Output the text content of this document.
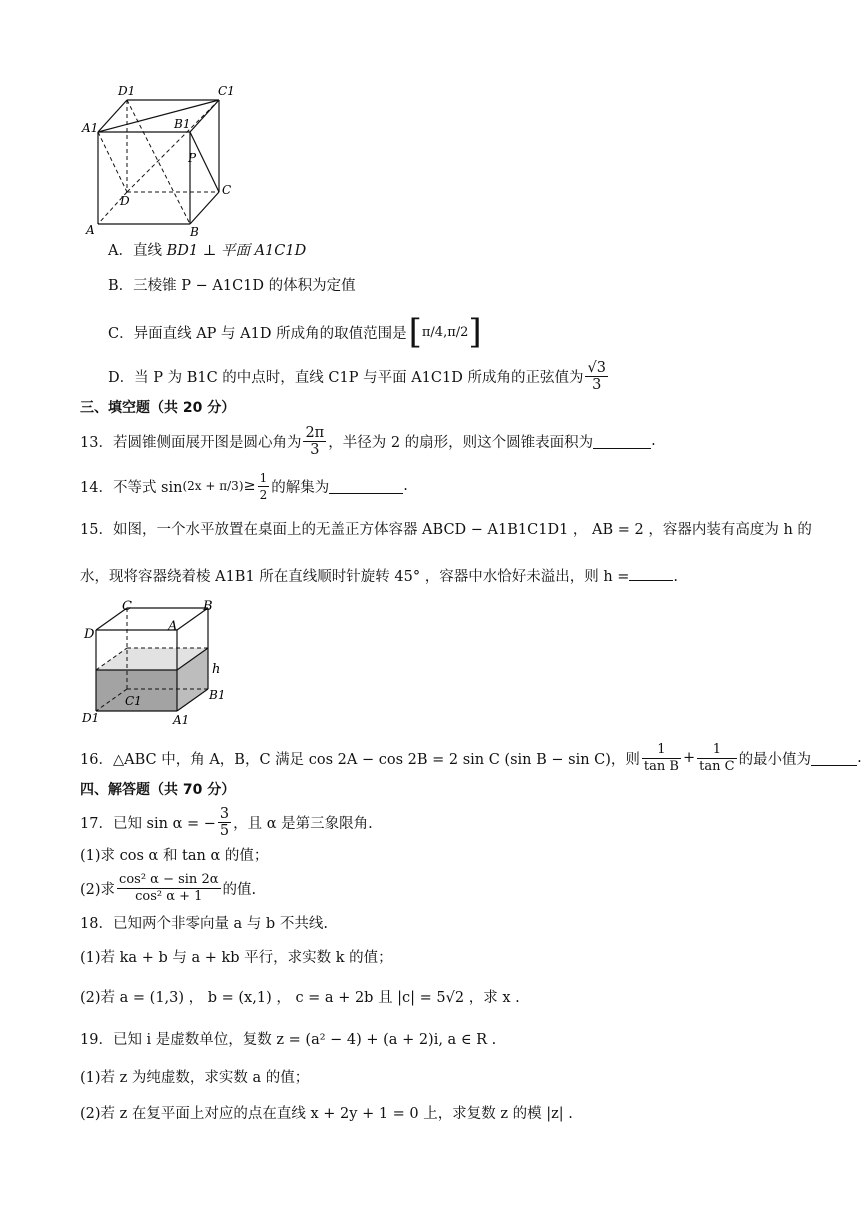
D1	C1
A1	B1
P
D
C
A	B
A．直线 BD1 ⊥ 平面 A1C1D
B．三棱锥 P − A1C1D 的体积为定值
C．异面直线 AP 与 A1D 所成角的取值范围是 [ π/4,π/2 ]
D．当 P 为 B1C 的中点时，直线 C1P 与平面 A1C1D 所成角的正弦值为 $\frac{√3}{3}$
三、填空题（共 20 分）
13．若圆锥侧面展开图是圆心角为 $\frac{2\pi}{3}$ ，半径为 2 的扇形，则这个圆锥表面积为	.
14．不等式 $\sin (2x + \pi/3) \ge \frac{1}{2}$ 的解集为	.
15．如图，一个水平放置在桌面上的无盖正方体容器 ABCD − A1B1C1D1 ， AB = 2 ，容器内装有高度为 h 的
水，现将容器绕着棱 A1B1 所在直线顺时针旋转 45° ，容器中水恰好未溢出，则 h =	.
C	B
D
A
h
B1
C1
D1	A1
16． △ABC 中，角 A，B，C 满足 cos 2A − cos 2B = 2 sin C (sin B − sin C)，则 $\frac{1}{\text{tan B}} + \frac{1}{\text{tan C}}$ 的最小值为	.
四、解答题（共 70 分）
17．已知 sin α = − $\frac{3}{5}$ ，且 α 是第三象限角.
(1)求 cos α 和 tan α 的值；
(2)求 $\frac{\text{cos² α − sin 2α}}{\text{cos² α + 1}}$ 的值.
18．已知两个非零向量 a 与 b 不共线.
(1)若 ka + b 与 a + kb 平行，求实数 k 的值；
(2)若 a = (1,3) ， b = (x,1) ， c = a + 2b 且 |c| = 5√2 ，求 x .
19．已知 i 是虚数单位，复数 z = (a² − 4) + (a + 2)i, a ∈ R .
(1)若 z 为纯虚数，求实数 a 的值；
(2)若 z 在复平面上对应的点在直线 x + 2y + 1 = 0 上，求复数 z 的模 |z| .
